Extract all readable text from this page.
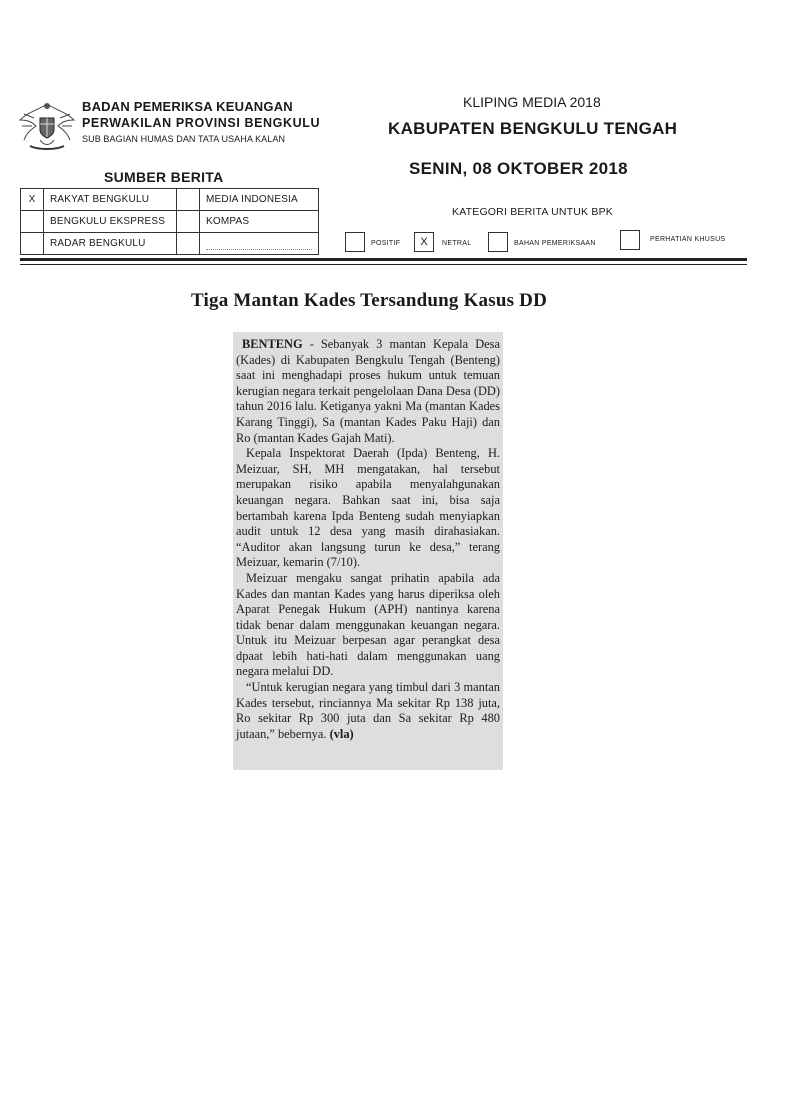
BADAN PEMERIKSA KEUANGAN
PERWAKILAN PROVINSI BENGKULU
SUB BAGIAN HUMAS DAN TATA USAHA KALAN
KLIPING MEDIA 2018
KABUPATEN BENGKULU TENGAH
SENIN, 08 OKTOBER 2018
SUMBER BERITA
X	RAKYAT BENGKULU		MEDIA INDONESIA
	BENGKULU EKSPRESS		KOMPAS
	RADAR BENGKULU		
KATEGORI BERITA UNTUK BPK
POSITIF	X	NETRAL	BAHAN PEMERIKSAAN
PERHATIAN KHUSUS
Tiga Mantan Kades Tersandung Kasus DD

BENTENG - Sebanyak 3 mantan Kepala Desa (Kades) di Kabupaten Bengkulu Tengah (Benteng) saat ini menghadapi proses hukum untuk temuan kerugian negara terkait pengelolaan Dana Desa (DD) tahun 2016 lalu. Ketiganya yakni Ma (mantan Kades Karang Tinggi), Sa (mantan Kades Paku Haji) dan Ro (mantan Kades Gajah Mati).

Kepala Inspektorat Daerah (Ipda) Benteng, H. Meizuar, SH, MH mengatakan, hal tersebut merupakan risiko apabila menyalahgunakan keuangan negara. Bahkan saat ini, bisa saja bertambah karena Ipda Benteng sudah menyiapkan audit untuk 12 desa yang masih dirahasiakan. “Auditor akan langsung turun ke desa,” terang Meizuar, kemarin (7/10).

Meizuar mengaku sangat prihatin apabila ada Kades dan mantan Kades yang harus diperiksa oleh Aparat Penegak Hukum (APH) nantinya karena tidak benar dalam menggunakan keuangan negara. Untuk itu Meizuar berpesan agar perangkat desa dpaat lebih hati-hati dalam menggunakan uang negara melalui DD.

“Untuk kerugian negara yang timbul dari 3 mantan Kades tersebut, rinciannya Ma sekitar Rp 138 juta, Ro sekitar Rp 300 juta dan Sa sekitar Rp 480 jutaan,” bebernya. (vla)
